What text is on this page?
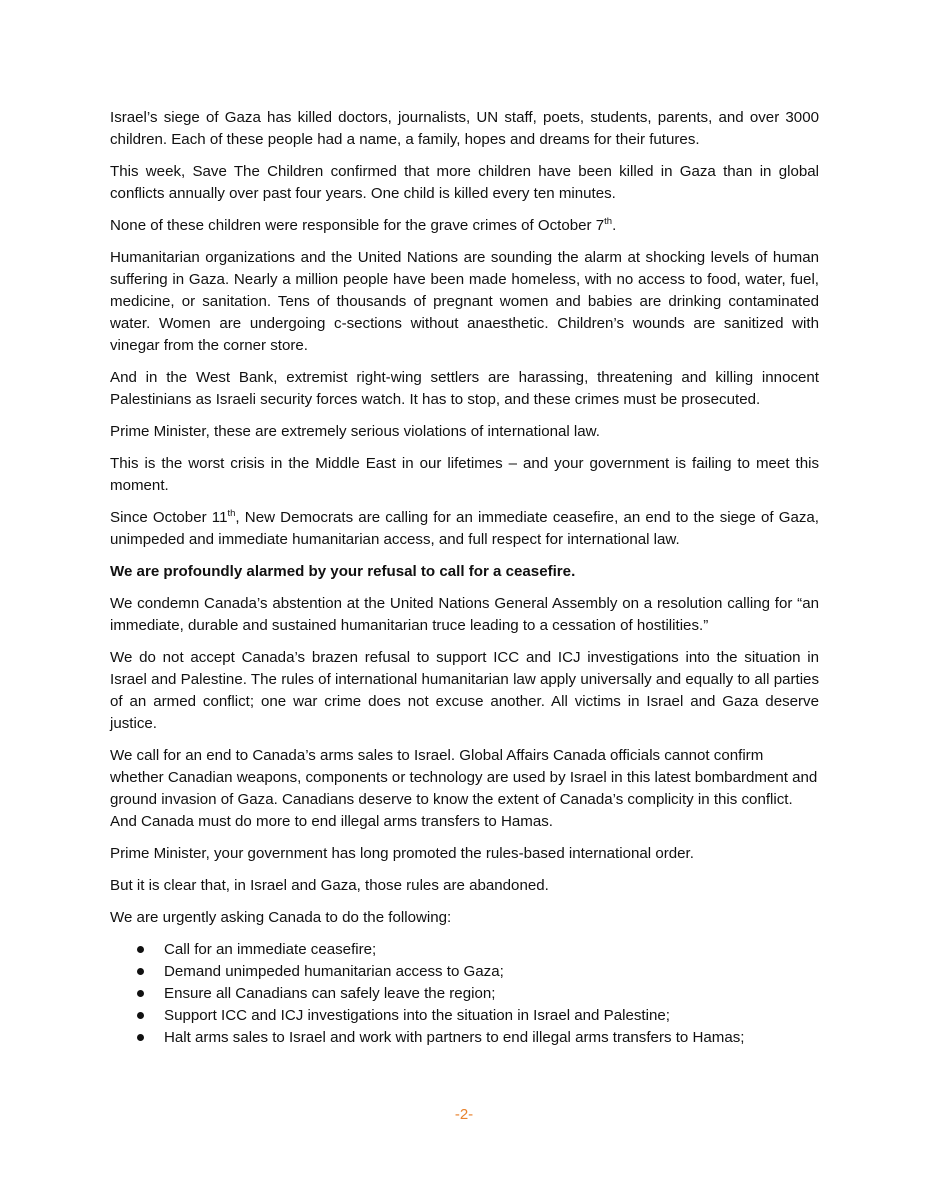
Israel’s siege of Gaza has killed doctors, journalists, UN staff, poets, students, parents, and over 3000 children. Each of these people had a name, a family, hopes and dreams for their futures.

This week, Save The Children confirmed that more children have been killed in Gaza than in global conflicts annually over past four years. One child is killed every ten minutes.

None of these children were responsible for the grave crimes of October 7th.

Humanitarian organizations and the United Nations are sounding the alarm at shocking levels of human suffering in Gaza. Nearly a million people have been made homeless, with no access to food, water, fuel, medicine, or sanitation. Tens of thousands of pregnant women and babies are drinking contaminated water. Women are undergoing c-sections without anaesthetic. Children’s wounds are sanitized with vinegar from the corner store.

And in the West Bank, extremist right-wing settlers are harassing, threatening and killing innocent Palestinians as Israeli security forces watch. It has to stop, and these crimes must be prosecuted.

Prime Minister, these are extremely serious violations of international law.

This is the worst crisis in the Middle East in our lifetimes – and your government is failing to meet this moment.

Since October 11th, New Democrats are calling for an immediate ceasefire, an end to the siege of Gaza, unimpeded and immediate humanitarian access, and full respect for international law.

We are profoundly alarmed by your refusal to call for a ceasefire.

We condemn Canada’s abstention at the United Nations General Assembly on a resolution calling for “an immediate, durable and sustained humanitarian truce leading to a cessation of hostilities.”

We do not accept Canada’s brazen refusal to support ICC and ICJ investigations into the situation in Israel and Palestine. The rules of international humanitarian law apply universally and equally to all parties of an armed conflict; one war crime does not excuse another. All victims in Israel and Gaza deserve justice.

We call for an end to Canada’s arms sales to Israel. Global Affairs Canada officials cannot confirm whether Canadian weapons, components or technology are used by Israel in this latest bombardment and ground invasion of Gaza. Canadians deserve to know the extent of Canada’s complicity in this conflict. And Canada must do more to end illegal arms transfers to Hamas.

Prime Minister, your government has long promoted the rules-based international order.

But it is clear that, in Israel and Gaza, those rules are abandoned.

We are urgently asking Canada to do the following:

Call for an immediate ceasefire;
Demand unimpeded humanitarian access to Gaza;
Ensure all Canadians can safely leave the region;
Support ICC and ICJ investigations into the situation in Israel and Palestine;
Halt arms sales to Israel and work with partners to end illegal arms transfers to Hamas;
-2-
